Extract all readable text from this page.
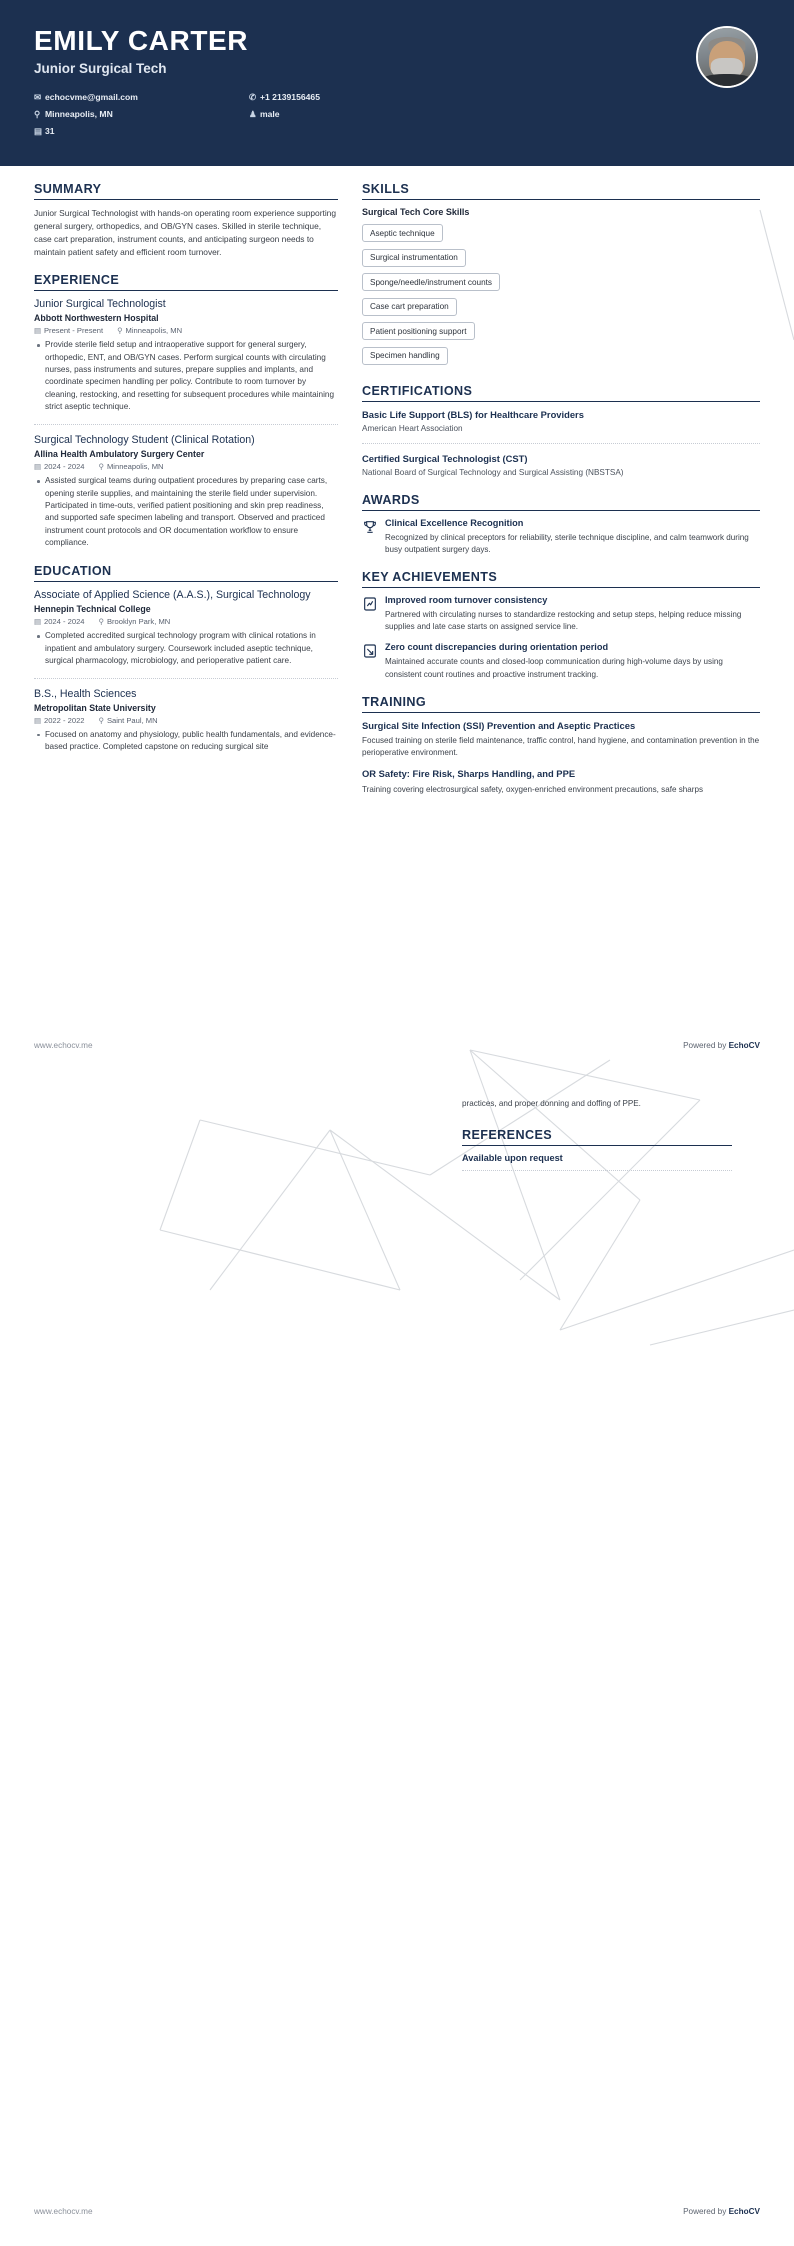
EMILY CARTER
Junior Surgical Tech
✉ echocvme@gmail.com	✆ +1 2139156465
⚲ Minneapolis, MN	♟ male
▤ 31
SUMMARY
Junior Surgical Technologist with hands-on operating room experience supporting general surgery, orthopedics, and OB/GYN cases. Skilled in sterile technique, case cart preparation, instrument counts, and anticipating surgeon needs to maintain patient safety and efficient room turnover.
EXPERIENCE
Junior Surgical Technologist
Abbott Northwestern Hospital
▤ Present - Present ⚲ Minneapolis, MN
Provide sterile field setup and intraoperative support for general surgery, orthopedic, ENT, and OB/GYN cases. Perform surgical counts with circulating nurses, pass instruments and sutures, prepare supplies and implants, and coordinate specimen handling per policy. Contribute to room turnover by cleaning, restocking, and resetting for subsequent procedures while maintaining strict aseptic technique.
Surgical Technology Student (Clinical Rotation)
Allina Health Ambulatory Surgery Center
▤ 2024 - 2024 ⚲ Minneapolis, MN
Assisted surgical teams during outpatient procedures by preparing case carts, opening sterile supplies, and maintaining the sterile field under supervision. Participated in time-outs, verified patient positioning and skin prep readiness, and supported safe specimen labeling and transport. Observed and practiced instrument count protocols and OR documentation workflow to ensure compliance.
EDUCATION
Associate of Applied Science (A.A.S.), Surgical Technology
Hennepin Technical College
▤ 2024 - 2024 ⚲ Brooklyn Park, MN
Completed accredited surgical technology program with clinical rotations in inpatient and ambulatory surgery. Coursework included aseptic technique, surgical pharmacology, microbiology, and perioperative patient care.
B.S., Health Sciences
Metropolitan State University
▤ 2022 - 2022 ⚲ Saint Paul, MN
Focused on anatomy and physiology, public health fundamentals, and evidence-based practice. Completed capstone on reducing surgical site
SKILLS
Surgical Tech Core Skills
Aseptic technique
Surgical instrumentation
Sponge/needle/instrument counts
Case cart preparation
Patient positioning support
Specimen handling
CERTIFICATIONS
Basic Life Support (BLS) for Healthcare Providers
American Heart Association
Certified Surgical Technologist (CST)
National Board of Surgical Technology and Surgical Assisting (NBSTSA)
AWARDS
Clinical Excellence Recognition
Recognized by clinical preceptors for reliability, sterile technique discipline, and calm teamwork during busy outpatient surgery days.
KEY ACHIEVEMENTS
Improved room turnover consistency
Partnered with circulating nurses to standardize restocking and setup steps, helping reduce missing supplies and late case starts on assigned service line.
Zero count discrepancies during orientation period
Maintained accurate counts and closed-loop communication during high-volume days by using consistent count routines and proactive instrument tracking.
TRAINING
Surgical Site Infection (SSI) Prevention and Aseptic Practices
Focused training on sterile field maintenance, traffic control, hand hygiene, and contamination prevention in the perioperative environment.
OR Safety: Fire Risk, Sharps Handling, and PPE
Training covering electrosurgical safety, oxygen-enriched environment precautions, safe sharps
www.echocv.me	Powered by EchoCV
practices, and proper donning and doffing of PPE.
REFERENCES
Available upon request
www.echocv.me	Powered by EchoCV
